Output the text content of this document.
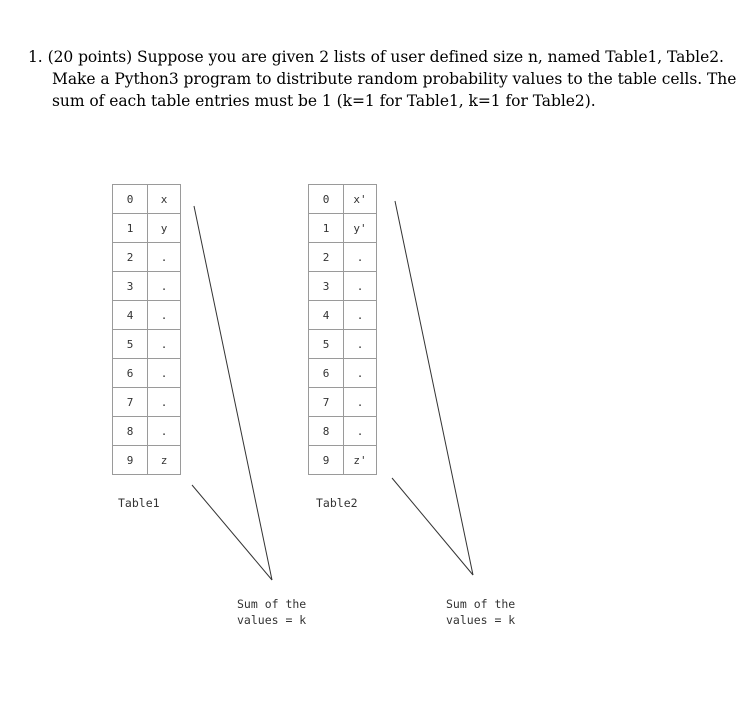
1. (20 points) Suppose you are given 2 lists of user defined size n, named Table1, Table2.
Make a Python3 program to distribute random probability values to the table cells. The
sum of each table entries must be 1 (k=1 for Table1, k=1 for Table2).
0	x
1	y
2	.
3	.
4	.
5	.
6	.
7	.
8	.
9	z
Table1
Sum of the
values = k
0	x'
1	y'
2	.
3	.
4	.
5	.
6	.
7	.
8	.
9	z'
Table2
Sum of the
values = k
